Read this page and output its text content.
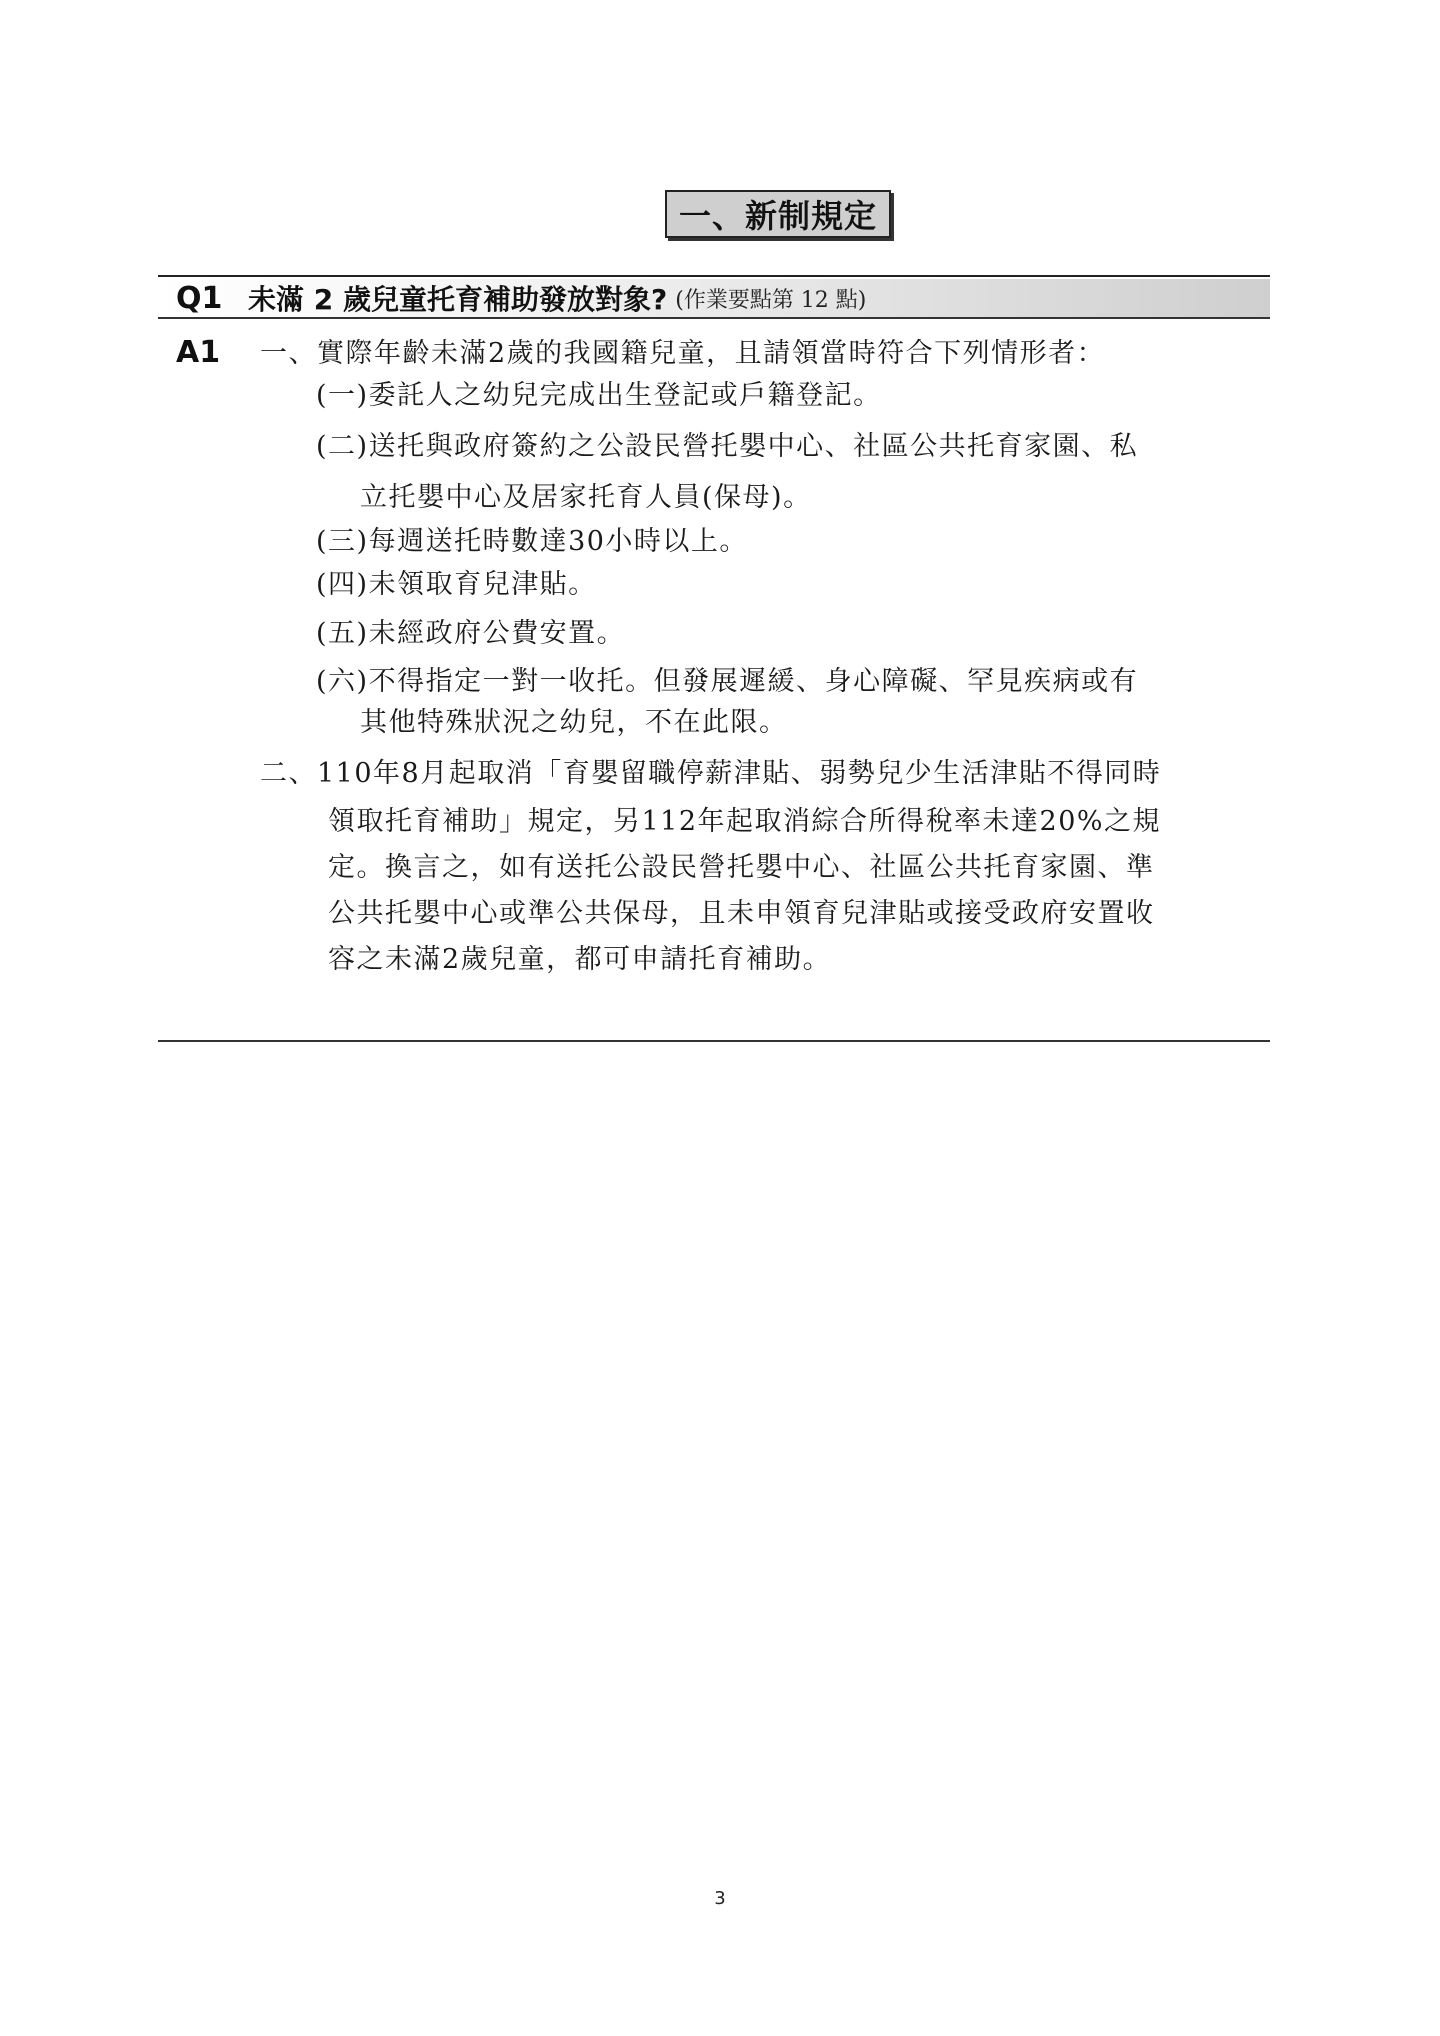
一、新制規定
Q1 未滿 2 歲兒童托育補助發放對象? (作業要點第 12 點)
A1 一、實際年齡未滿2歲的我國籍兒童，且請領當時符合下列情形者：
(一)委託人之幼兒完成出生登記或戶籍登記。
(二)送托與政府簽約之公設民營托嬰中心、社區公共托育家園、私
立托嬰中心及居家托育人員(保母)。
(三)每週送托時數達30小時以上。
(四)未領取育兒津貼。
(五)未經政府公費安置。
(六)不得指定一對一收托。但發展遲緩、身心障礙、罕見疾病或有
其他特殊狀況之幼兒，不在此限。
二、110年8月起取消「育嬰留職停薪津貼、弱勢兒少生活津貼不得同時
領取托育補助」規定，另112年起取消綜合所得稅率未達20%之規
定。換言之，如有送托公設民營托嬰中心、社區公共托育家園、準
公共托嬰中心或準公共保母，且未申領育兒津貼或接受政府安置收
容之未滿2歲兒童，都可申請托育補助。
3
